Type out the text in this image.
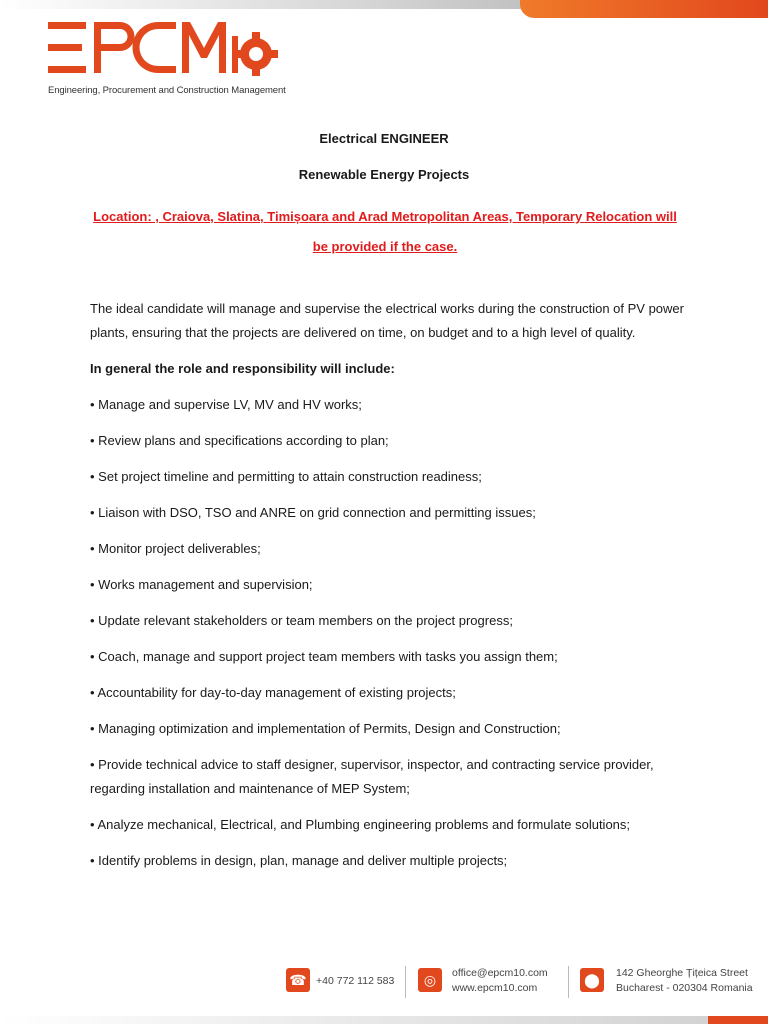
Engineering, Procurement and Construction Management
Electrical ENGINEER
Renewable Energy Projects
Location: , Craiova, Slatina, Timișoara and Arad Metropolitan Areas, Temporary Relocation will be provided if the case.

The ideal candidate will manage and supervise the electrical works during the construction of PV power plants, ensuring that the projects are delivered on time, on budget and to a high level of quality.

In general the role and responsibility will include:

• Manage and supervise LV, MV and HV works;

• Review plans and specifications according to plan;

• Set project timeline and permitting to attain construction readiness;

• Liaison with DSO, TSO and ANRE on grid connection and permitting issues;

• Monitor project deliverables;

• Works management and supervision;

• Update relevant stakeholders or team members on the project progress;

• Coach, manage and support project team members with tasks you assign them;

• Accountability for day-to-day management of existing projects;

• Managing optimization and implementation of Permits, Design and Construction;

• Provide technical advice to staff designer, supervisor, inspector, and contracting service provider, regarding installation and maintenance of MEP System;

• Analyze mechanical, Electrical, and Plumbing engineering problems and formulate solutions;

• Identify problems in design, plan, manage and deliver multiple projects;

☎ +40 772 112 583	◎	office@epcm10.com
www.epcm10.com	⬤	142 Gheorghe Țițeica Street
Bucharest - 020304 Romania
